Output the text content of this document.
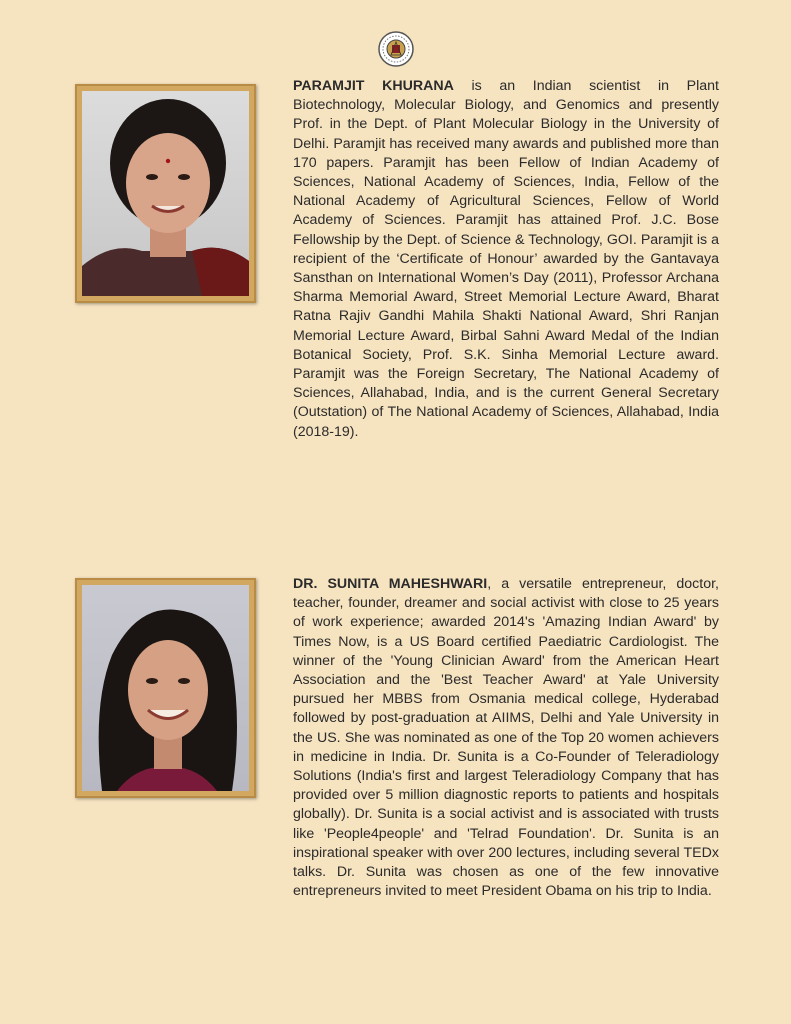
PARAMJIT KHURANA is an Indian scientist in Plant Biotechnology, Molecular Biology, and Genomics and presently Prof. in the Dept. of Plant Molecular Biology in the University of Delhi. Paramjit has received many awards and published more than 170 papers. Paramjit has been Fellow of Indian Academy of Sciences, National Academy of Sciences, India, Fellow of the National Academy of Agricultural Sciences, Fellow of World Academy of Sciences. Paramjit has attained Prof. J.C. Bose Fellowship by the Dept. of Science & Technology, GOI. Paramjit is a recipient of the ‘Certificate of Honour’ awarded by the Gantavaya Sansthan on International Women’s Day (2011), Professor Archana Sharma Memorial Award, Street Memorial Lecture Award, Bharat Ratna Rajiv Gandhi Mahila Shakti National Award, Shri Ranjan Memorial Lecture Award, Birbal Sahni Award Medal of the Indian Botanical Society, Prof. S.K. Sinha Memorial Lecture award. Paramjit was the Foreign Secretary, The National Academy of Sciences, Allahabad, India, and is the current General Secretary (Outstation) of The National Academy of Sciences, Allahabad, India (2018-19).

DR. SUNITA MAHESHWARI, a versatile entrepreneur, doctor, teacher, founder, dreamer and social activist with close to 25 years of work experience; awarded 2014's 'Amazing Indian Award' by Times Now, is a US Board certified Paediatric Cardiologist. The winner of the 'Young Clinician Award' from the American Heart Association and the 'Best Teacher Award' at Yale University pursued her MBBS from Osmania medical college, Hyderabad followed by post-graduation at AIIMS, Delhi and Yale University in the US. She was nominated as one of the Top 20 women achievers in medicine in India. Dr. Sunita is a Co-Founder of Teleradiology Solutions (India's first and largest Teleradiology Company that has provided over 5 million diagnostic reports to patients and hospitals globally). Dr. Sunita is a social activist and is associated with trusts like 'People4people' and 'Telrad Foundation'. Dr. Sunita is an inspirational speaker with over 200 lectures, including several TEDx talks. Dr. Sunita was chosen as one of the few innovative entrepreneurs invited to meet President Obama on his trip to India.
